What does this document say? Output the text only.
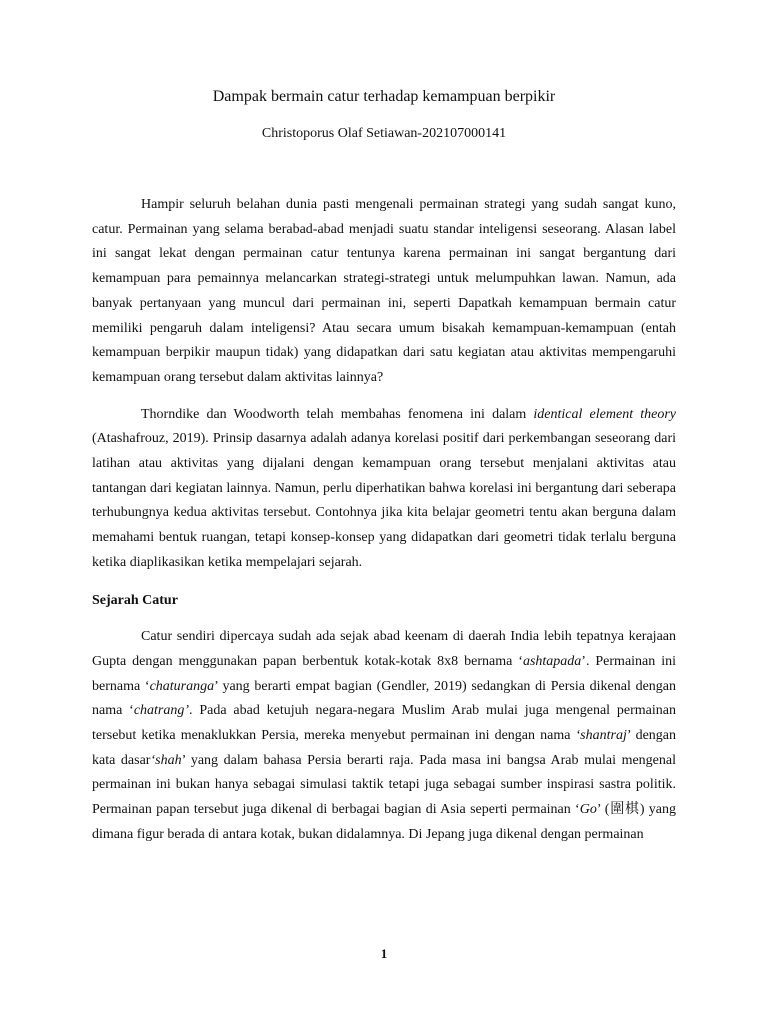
Dampak bermain catur terhadap kemampuan berpikir
Christoporus Olaf Setiawan-202107000141

Hampir seluruh belahan dunia pasti mengenali permainan strategi yang sudah sangat kuno, catur. Permainan yang selama berabad-abad menjadi suatu standar inteligensi seseorang. Alasan label ini sangat lekat dengan permainan catur tentunya karena permainan ini sangat bergantung dari kemampuan para pemainnya melancarkan strategi-strategi untuk melumpuhkan lawan. Namun, ada banyak pertanyaan yang muncul dari permainan ini, seperti Dapatkah kemampuan bermain catur memiliki pengaruh dalam inteligensi? Atau secara umum bisakah kemampuan-kemampuan (entah kemampuan berpikir maupun tidak) yang didapatkan dari satu kegiatan atau aktivitas mempengaruhi kemampuan orang tersebut dalam aktivitas lainnya?

Thorndike dan Woodworth telah membahas fenomena ini dalam identical element theory (Atashafrouz, 2019). Prinsip dasarnya adalah adanya korelasi positif dari perkembangan seseorang dari latihan atau aktivitas yang dijalani dengan kemampuan orang tersebut menjalani aktivitas atau tantangan dari kegiatan lainnya. Namun, perlu diperhatikan bahwa korelasi ini bergantung dari seberapa terhubungnya kedua aktivitas tersebut. Contohnya jika kita belajar geometri tentu akan berguna dalam memahami bentuk ruangan, tetapi konsep-konsep yang didapatkan dari geometri tidak terlalu berguna ketika diaplikasikan ketika mempelajari sejarah.

Sejarah Catur

Catur sendiri dipercaya sudah ada sejak abad keenam di daerah India lebih tepatnya kerajaan Gupta dengan menggunakan papan berbentuk kotak-kotak 8x8 bernama ‘ashtapada’. Permainan ini bernama ‘chaturanga’ yang berarti empat bagian (Gendler, 2019) sedangkan di Persia dikenal dengan nama ‘chatrang’. Pada abad ketujuh negara-negara Muslim Arab mulai juga mengenal permainan tersebut ketika menaklukkan Persia, mereka menyebut permainan ini dengan nama ‘shantraj’ dengan kata dasar‘shah’ yang dalam bahasa Persia berarti raja. Pada masa ini bangsa Arab mulai mengenal permainan ini bukan hanya sebagai simulasi taktik tetapi juga sebagai sumber inspirasi sastra politik. Permainan papan tersebut juga dikenal di berbagai bagian di Asia seperti permainan ‘Go’ (圍棋) yang dimana figur berada di antara kotak, bukan didalamnya. Di Jepang juga dikenal dengan permainan

1
